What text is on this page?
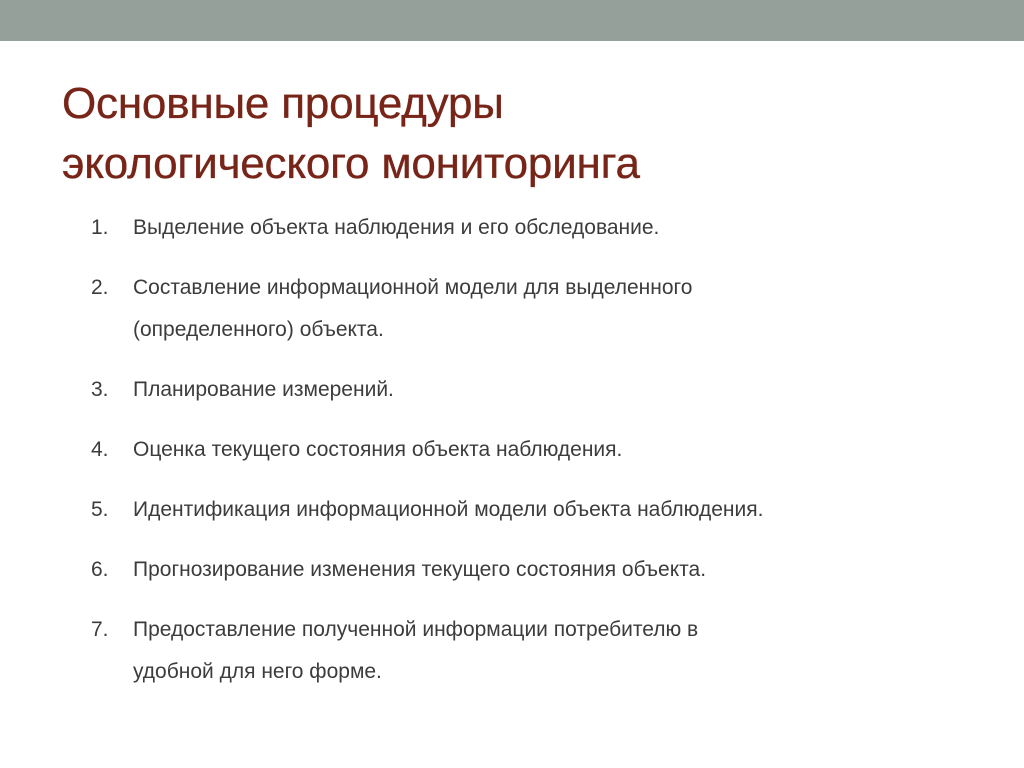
Основные процедуры
экологического мониторинга
1.	Выделение объекта наблюдения и его обследование.
2.	Составление информационной модели для выделенного
(определенного) объекта.
3.	Планирование измерений.
4.	Оценка текущего состояния объекта наблюдения.
5.	Идентификация информационной модели объекта наблюдения.
6.	Прогнозирование изменения текущего состояния объекта.
7.	Предоставление полученной информации потребителю в
удобной для него форме.
